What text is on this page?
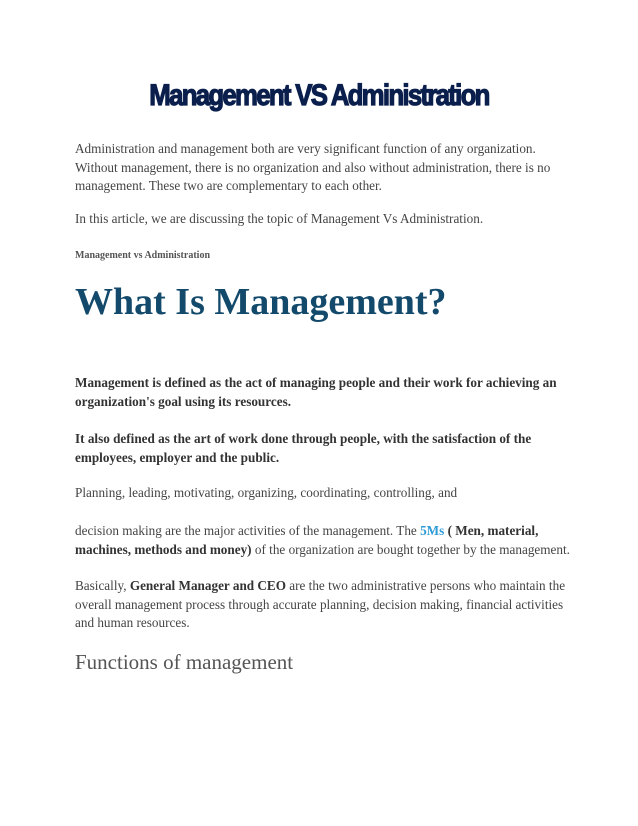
Management VS Administration
Administration and management both are very significant function of any organization. Without management, there is no organization and also without administration, there is no management. These two are complementary to each other.
In this article, we are discussing the topic of Management Vs Administration.
Management vs Administration
What Is Management?
Management is defined as the act of managing people and their work for achieving an organization's goal using its resources.
It also defined as the art of work done through people, with the satisfaction of the employees, employer and the public.
Planning, leading, motivating, organizing, coordinating, controlling, and
decision making are the major activities of the management. The 5Ms ( Men, material, machines, methods and money) of the organization are bought together by the management.
Basically, General Manager and CEO are the two administrative persons who maintain the overall management process through accurate planning, decision making, financial activities and human resources.
Functions of management
